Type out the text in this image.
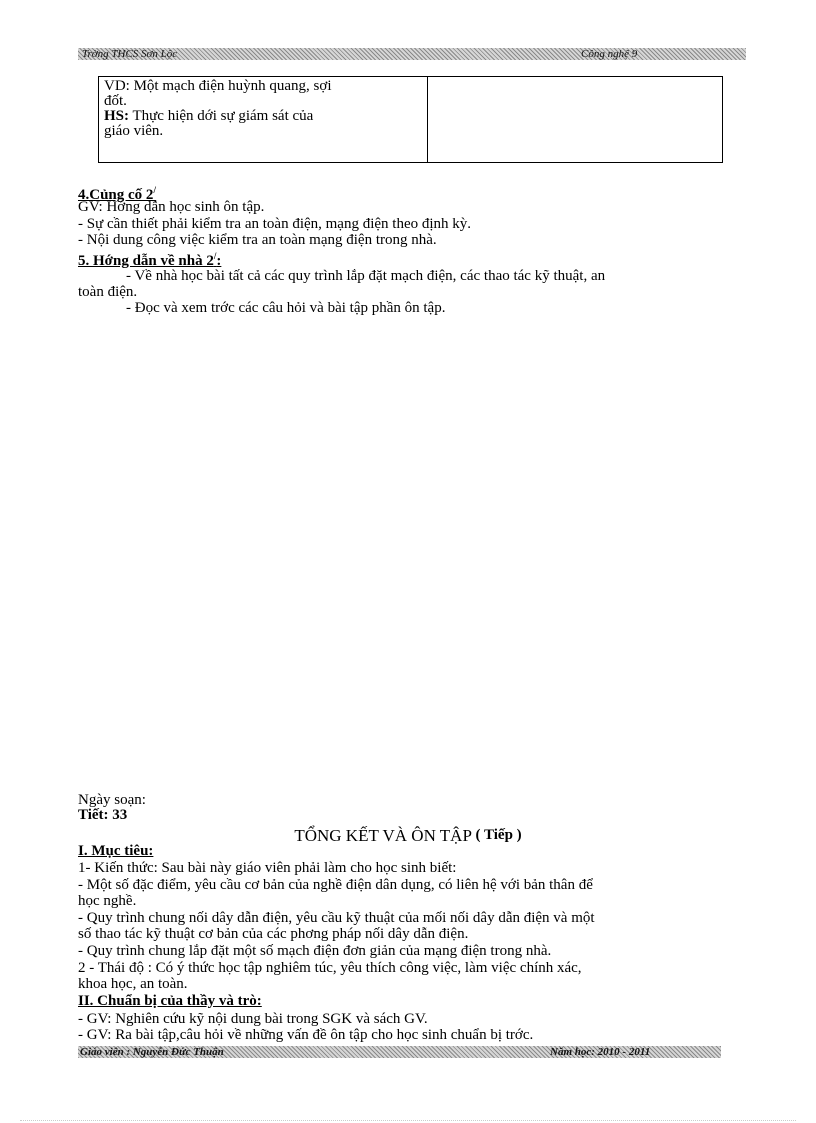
Trờng THCS Sơn Lộc	Công nghệ 9
VD: Một mạch điện huỳnh quang, sợi
đốt.
HS: Thực hiện dới sự giám sát của
giáo viên.

4.Củng cố 2/
GV: Hớng dẫn học sinh ôn tập.
- Sự cần thiết phải kiểm tra an toàn điện, mạng điện theo định kỳ.
- Nội dung công việc kiểm tra an toàn mạng điện trong nhà.
5. Hớng dẫn về nhà 2/:
- Về nhà học bài tất cả các quy trình lắp đặt mạch điện, các thao tác kỹ thuật, an
toàn điện.
- Đọc và xem trớc các câu hỏi và bài tập phần ôn tập.
Ngày soạn:
Tiết: 33
TỔNG KẾT VÀ ÔN TẬP ( Tiếp )
I. Mục tiêu:
1- Kiến thức: Sau bài này giáo viên phải làm cho học sinh biết:
- Một số đặc điểm, yêu cầu cơ bản của nghề điện dân dụng, có liên hệ với bản thân để
học nghề.
- Quy trình chung nối dây dẫn điện, yêu cầu kỹ thuật của mối nối dây dẫn điện và một
số thao tác kỹ thuật cơ bản của các phơng pháp nối dây dẫn điện.
- Quy trình chung lắp đặt một số mạch điện đơn giản của mạng điện trong nhà.
2 - Thái độ : Có ý thức học tập nghiêm túc, yêu thích công việc, làm việc chính xác,
khoa học, an toàn.
II. Chuẩn bị của thầy và trò:
- GV: Nghiên cứu kỹ nội dung bài trong SGK và sách GV.
- GV: Ra bài tập,câu hỏi về những vấn đề ôn tập cho học sinh chuẩn bị trớc.
Giáo viên : Nguyễn Đức Thuận	Năm học: 2010 - 2011
